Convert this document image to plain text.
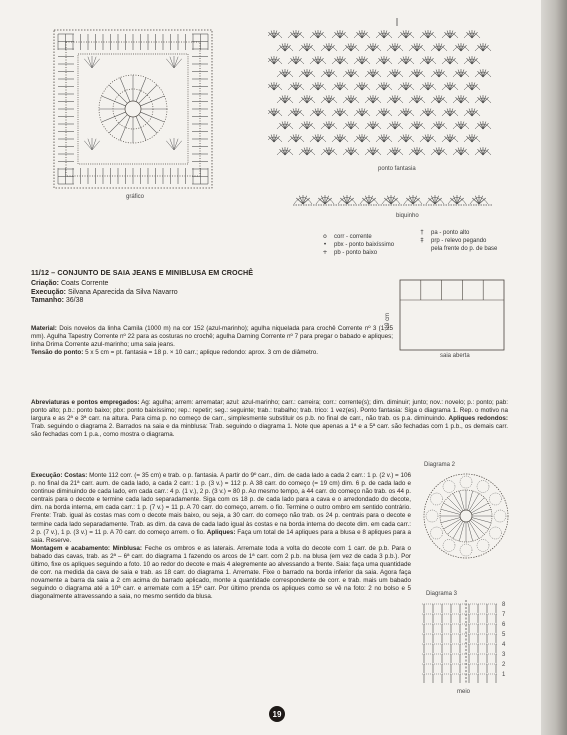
gráfico
ponto fantasia
biquinho
o	corr - corrente
•	pbx - ponto baixíssimo
+	pb - ponto baixo
†	pa - ponto alto
‡	prp - relevo pegando
pela frente do p. de base
19 cm
saia aberta
11/12 – CONJUNTO DE SAIA JEANS E MINIBLUSA EM CROCHÊ
Criação: Coats Corrente
Execução: Silvana Aparecida da Silva Navarro
Tamanho: 36/38

Material: Dois novelos da linha Camila (1000 m) na cor 152 (azul-marinho); agulha niquelada para crochê Corrente nº 3 (1,25 mm). Agulha Tapestry Corrente nº 22 para as costuras no crochê; agulha Darning Corrente nº 7 para pregar o babado e apliques; linha Drima Corrente azul-marinho; uma saia jeans.

Tensão do ponto: 5 x 5 cm = pt. fantasia = 18 p. × 10 carr.; aplique redondo: aprox. 3 cm de diâmetro.

Abreviaturas e pontos empregados: Ag: agulha; arrem: arrematar; azul: azul-marinho; carr.: carreira; corr.: corrente(s); dim. diminuir; junto; nov.: novelo; p.: ponto; pab: ponto alto; p.b.: ponto baixo; pbx: ponto baixíssimo; rep.: repetir; seg.: seguinte; trab.: trabalho; trab. trico: 1 vez(es). Ponto fantasia: Siga o diagrama 1. Rep. o motivo na largura e as 2ª e 3ª carr. na altura. Para cima p. no começo de carr., simplesmente substituir os p.b. no final de carr., não trab. os p.a. diminuindo. Apliques redondos: Trab. seguindo o diagrama 2. Barrados na saia e da minblusa: Trab. seguindo o diagrama 1. Note que apenas a 1ª e a 5ª carr. são fechadas com 1 p.b., os demais carr. são fechadas com 1 p.a., como mostra o diagrama.

Execução: Costas: Monte 112 corr. (= 35 cm) e trab. o p. fantasia. A partir do 9º carr., dim. de cada lado a cada 2 carr.: 1 p. (2 v.) = 106 p. no final da 21ª carr. aum. de cada lado, a cada 2 carr.: 1 p. (3 v.) = 112 p. A 38 carr. do começo (= 19 cm) dim. 6 p. de cada lado e continue diminuindo de cada lado, em cada carr.: 4 p. (1 v.), 2 p. (3 v.) = 80 p. Ao mesmo tempo, a 44 carr. do começo não trab. os 44 p. centrais para o decote e termine cada lado separadamente. Siga com os 18 p. de cada lado para a cava e o arredondado do decote, dim. na borda interna, em cada carr.: 1 p. (7 v.) = 11 p. A 70 carr. do começo, arrem. o fio. Termine o outro ombro em sentido contrário. Frente: Trab. igual às costas mas com o decote mais baixo, ou seja, a 30 carr. do começo não trab. os 24 p. centrais para o decote e termine cada lado separadamente. Trab. as dim. da cava de cada lado igual às costas e na borda interna do decote dim. em cada carr.: 2 p. (7 v.), 1 p. (3 v.) = 11 p. A 70 carr. do começo arrem. o fio. Apliques: Faça um total de 14 apliques para a blusa e 8 apliques para a saia. Reserve.

Montagem e acabamento: Minblusa: Feche os ombros e as laterais. Arremate toda a volta do decote com 1 carr. de p.b. Para o babado das cavas, trab. as 2ª – 6ª carr. do diagrama 1 fazendo os arcos de 1ª carr. com 2 p.b. na blusa (em vez de cada 3 p.b.). Por último, fixe os apliques seguindo a foto. 10 ao redor do decote e mais 4 alegremente ao alvessando a frente. Saia: faça uma quantidade de corr. na medida da cava de saia e trab. as 18 carr. do diagrama 1. Arremate. Fixe o barrado na borda inferior da saia. Agora faça novamente a barra da saia a 2 cm acima do barrado aplicado, monte a quantidade correspondente de corr. e trab. mais um babado seguindo o diagrama até a 10ª carr. e arremate com a 15ª carr. Por último prenda os apliques como se vê na foto: 2 no bolso e 5 diagonalmente atravessando a saia, no mesmo sentido da blusa.

Diagrama 2
Diagrama 3
8
7
6
5
4
3
2
1
meio
19
